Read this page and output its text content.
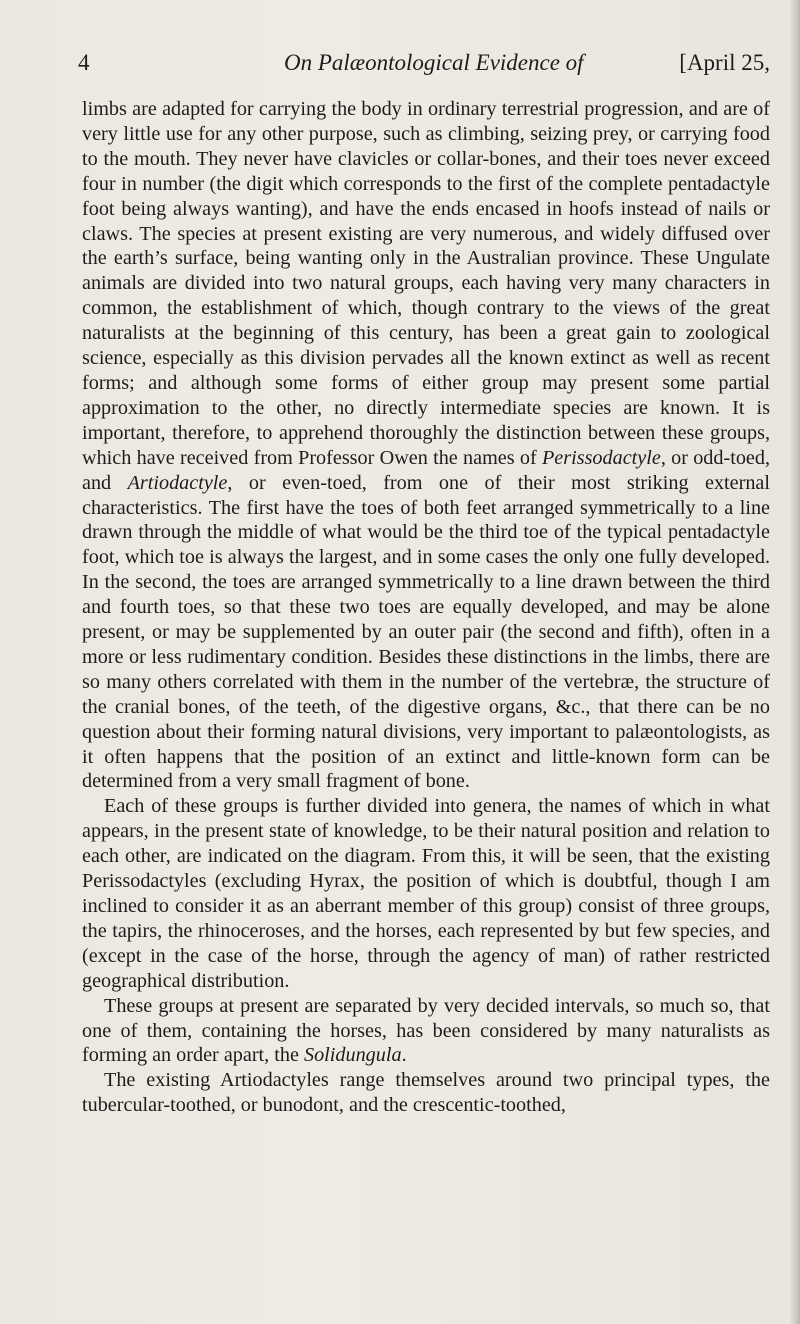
4	On Palæontological Evidence of	[April 25,

limbs are adapted for carrying the body in ordinary terrestrial progression, and are of very little use for any other purpose, such as climbing, seizing prey, or carrying food to the mouth. They never have clavicles or collar-bones, and their toes never exceed four in number (the digit which corresponds to the first of the complete pentadactyle foot being always wanting), and have the ends encased in hoofs instead of nails or claws. The species at present existing are very numerous, and widely diffused over the earth’s surface, being wanting only in the Australian province. These Ungulate animals are divided into two natural groups, each having very many characters in common, the establishment of which, though contrary to the views of the great naturalists at the beginning of this century, has been a great gain to zoological science, especially as this division pervades all the known extinct as well as recent forms; and although some forms of either group may present some partial approximation to the other, no directly intermediate species are known. It is important, therefore, to apprehend thoroughly the distinction between these groups, which have received from Professor Owen the names of Perissodactyle, or odd-toed, and Artiodactyle, or even-toed, from one of their most striking external characteristics. The first have the toes of both feet arranged symmetrically to a line drawn through the middle of what would be the third toe of the typical pentadactyle foot, which toe is always the largest, and in some cases the only one fully developed. In the second, the toes are arranged symmetrically to a line drawn between the third and fourth toes, so that these two toes are equally developed, and may be alone present, or may be supplemented by an outer pair (the second and fifth), often in a more or less rudimentary condition. Besides these distinctions in the limbs, there are so many others correlated with them in the number of the vertebræ, the structure of the cranial bones, of the teeth, of the digestive organs, &c., that there can be no question about their forming natural divisions, very important to palæontologists, as it often happens that the position of an extinct and little-known form can be determined from a very small fragment of bone.

Each of these groups is further divided into genera, the names of which in what appears, in the present state of knowledge, to be their natural position and relation to each other, are indicated on the diagram. From this, it will be seen, that the existing Perissodactyles (excluding Hyrax, the position of which is doubtful, though I am inclined to consider it as an aberrant member of this group) consist of three groups, the tapirs, the rhinoceroses, and the horses, each represented by but few species, and (except in the case of the horse, through the agency of man) of rather restricted geographical distribution.

These groups at present are separated by very decided intervals, so much so, that one of them, containing the horses, has been considered by many naturalists as forming an order apart, the Solidungula.

The existing Artiodactyles range themselves around two principal types, the tubercular-toothed, or bunodont, and the crescentic-toothed,
